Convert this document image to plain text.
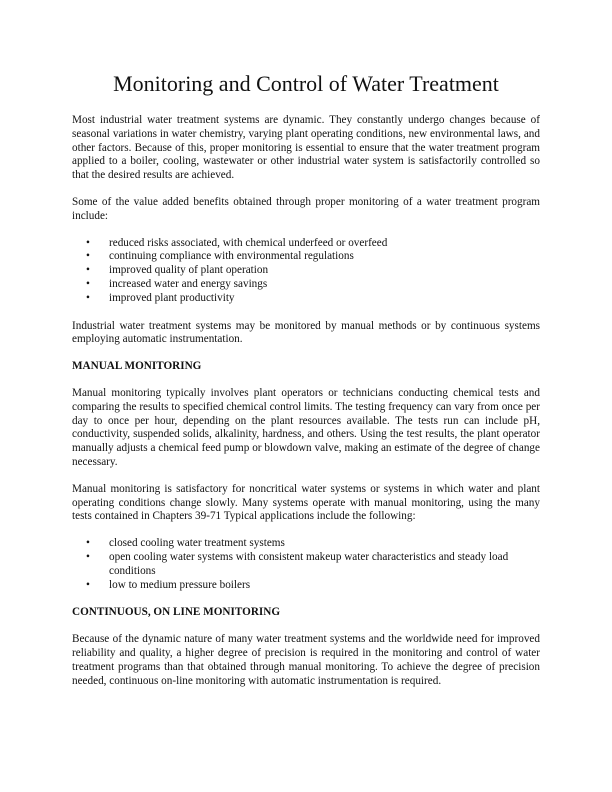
Monitoring and Control of Water Treatment

Most industrial water treatment systems are dynamic. They constantly undergo changes because of seasonal variations in water chemistry, varying plant operating conditions, new environmental laws, and other factors. Because of this, proper monitoring is essential to ensure that the water treatment program applied to a boiler, cooling, wastewater or other industrial water system is satisfactorily controlled so that the desired results are achieved.

Some of the value added benefits obtained through proper monitoring of a water treatment program include:

• reduced risks associated, with chemical underfeed or overfeed
• continuing compliance with environmental regulations
• improved quality of plant operation
• increased water and energy savings
• improved plant productivity

Industrial water treatment systems may be monitored by manual methods or by continuous systems employing automatic instrumentation.

MANUAL MONITORING

Manual monitoring typically involves plant operators or technicians conducting chemical tests and comparing the results to specified chemical control limits. The testing frequency can vary from once per day to once per hour, depending on the plant resources available. The tests run can include pH, conductivity, suspended solids, alkalinity, hardness, and others. Using the test results, the plant operator manually adjusts a chemical feed pump or blowdown valve, making an estimate of the degree of change necessary.

Manual monitoring is satisfactory for noncritical water systems or systems in which water and plant operating conditions change slowly. Many systems operate with manual monitoring, using the many tests contained in Chapters 39-71 Typical applications include the following:

• closed cooling water treatment systems
• open cooling water systems with consistent makeup water characteristics and steady load conditions
• low to medium pressure boilers
CONTINUOUS, ON LINE MONITORING

Because of the dynamic nature of many water treatment systems and the worldwide need for improved reliability and quality, a higher degree of precision is required in the monitoring and control of water treatment programs than that obtained through manual monitoring. To achieve the degree of precision needed, continuous on-line monitoring with automatic instrumentation is required.
